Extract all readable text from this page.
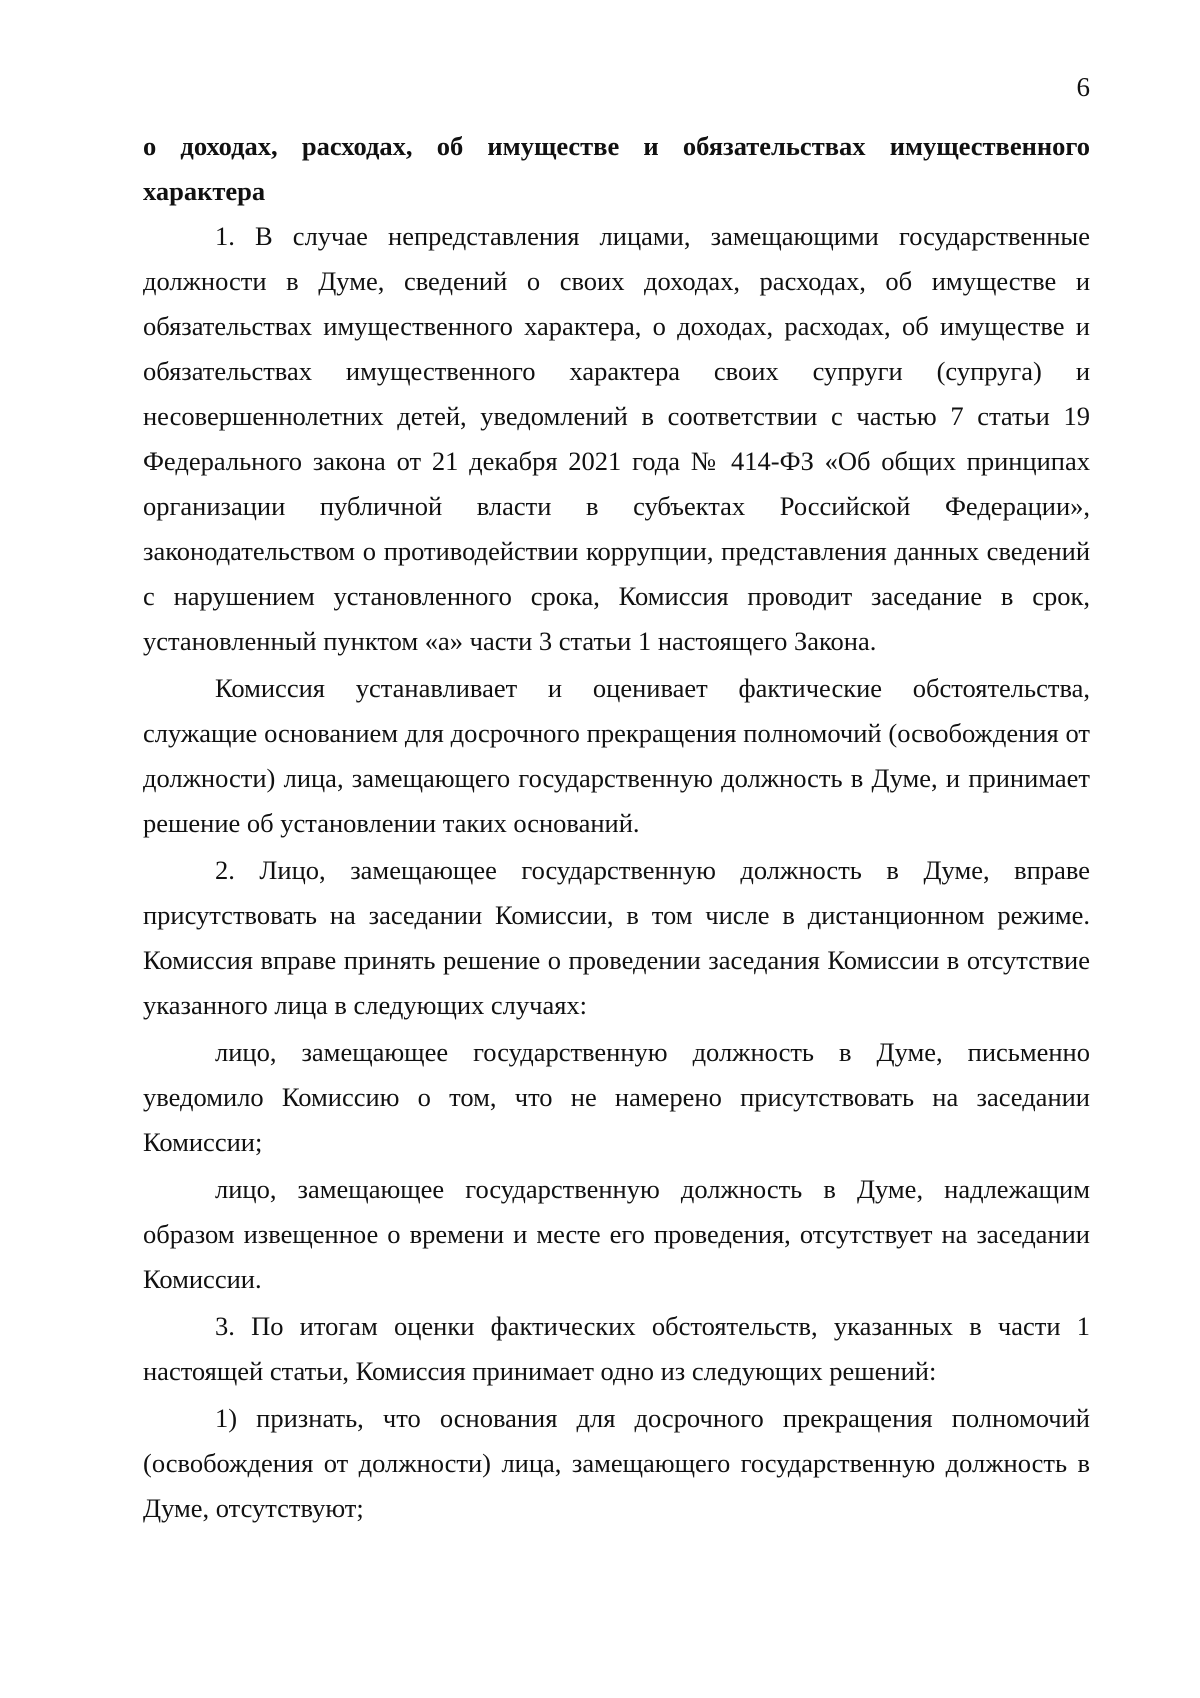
6

о доходах, расходах, об имуществе и обязательствах имущественного характера

1. В случае непредставления лицами, замещающими государственные должности в Думе, сведений о своих доходах, расходах, об имуществе и обязательствах имущественного характера, о доходах, расходах, об имуществе и обязательствах имущественного характера своих супруги (супруга) и несовершеннолетних детей, уведомлений в соответствии с частью 7 статьи 19 Федерального закона от 21 декабря 2021 года № 414-ФЗ «Об общих принципах организации публичной власти в субъектах Российской Федерации», законодательством о противодействии коррупции, представления данных сведений с нарушением установленного срока, Комиссия проводит заседание в срок, установленный пунктом «а» части 3 статьи 1 настоящего Закона.

Комиссия устанавливает и оценивает фактические обстоятельства, служащие основанием для досрочного прекращения полномочий (освобождения от должности) лица, замещающего государственную должность в Думе, и принимает решение об установлении таких оснований.

2. Лицо, замещающее государственную должность в Думе, вправе присутствовать на заседании Комиссии, в том числе в дистанционном режиме. Комиссия вправе принять решение о проведении заседания Комиссии в отсутствие указанного лица в следующих случаях:

лицо, замещающее государственную должность в Думе, письменно уведомило Комиссию о том, что не намерено присутствовать на заседании Комиссии;

лицо, замещающее государственную должность в Думе, надлежащим образом извещенное о времени и месте его проведения, отсутствует на заседании Комиссии.

3. По итогам оценки фактических обстоятельств, указанных в части 1 настоящей статьи, Комиссия принимает одно из следующих решений:

1) признать, что основания для досрочного прекращения полномочий (освобождения от должности) лица, замещающего государственную должность в Думе, отсутствуют;
